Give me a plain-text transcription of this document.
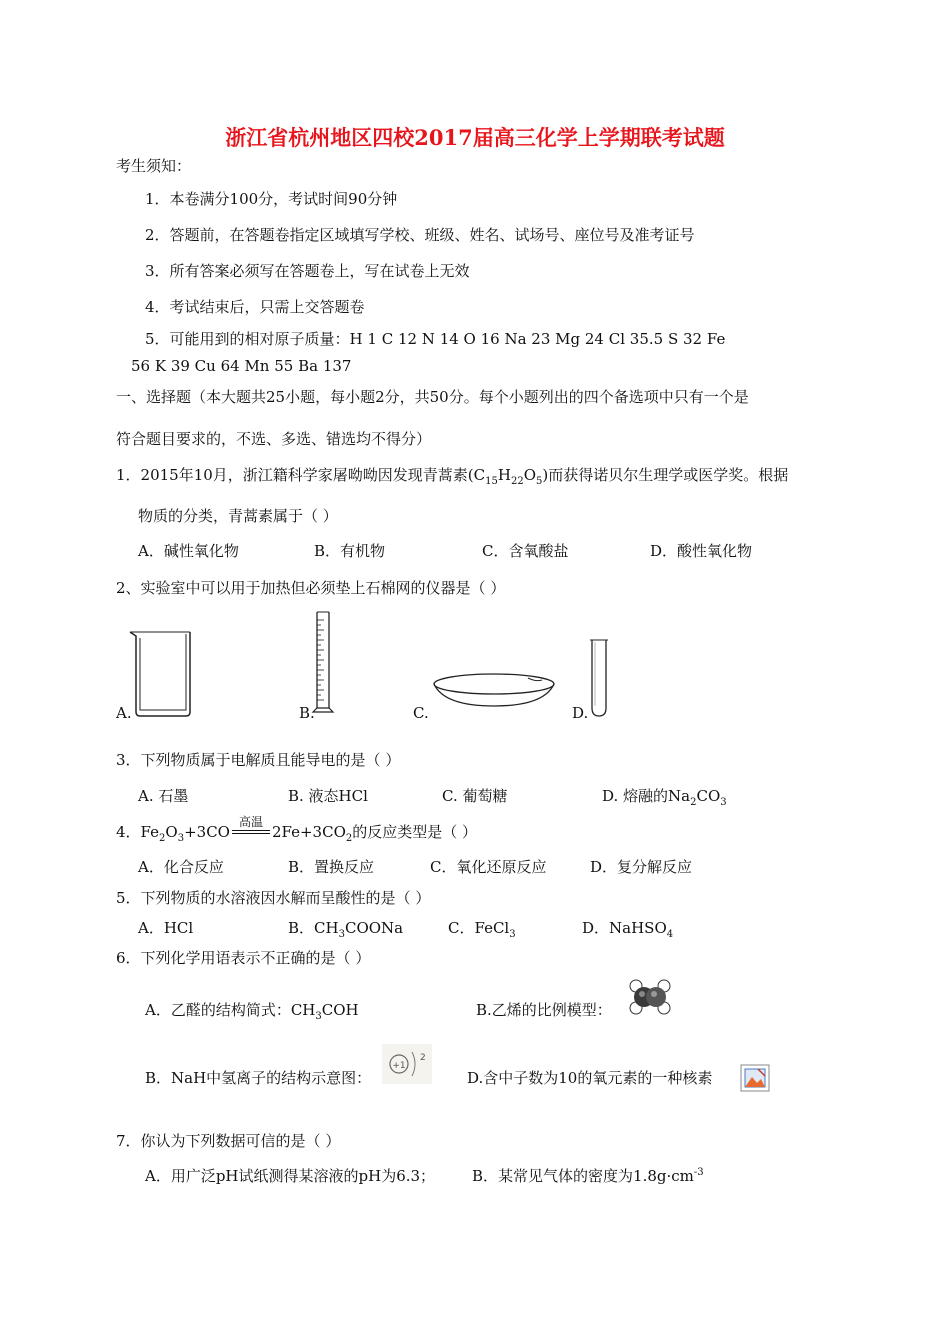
浙江省杭州地区四校2017届高三化学上学期联考试题
考生须知：
1．本卷满分100分，考试时间90分钟
2．答题前，在答题卷指定区域填写学校、班级、姓名、试场号、座位号及准考证号
3．所有答案必须写在答题卷上，写在试卷上无效
4．考试结束后，只需上交答题卷
5．可能用到的相对原子质量：H 1 C 12 N 14 O 16 Na 23 Mg 24 Cl 35.5 S 32 Fe
56 K 39 Cu 64 Mn 55 Ba 137
一、选择题（本大题共25小题，每小题2分，共50分。每个小题列出的四个备选项中只有一个是
符合题目要求的，不选、多选、错选均不得分）
1．2015年10月，浙江籍科学家屠呦呦因发现青蒿素$(C_{15}H_{22}O_5)$而获得诺贝尔生理学或医学奖。根据
物质的分类，青蒿素属于（ ）
A．碱性氧化物	B．有机物	C．含氧酸盐	D．酸性氧化物
2、实验室中可以用于加热但必须垫上石棉网的仪器是（ ）
A.	B.	C.	D.
3．下列物质属于电解质且能导电的是（ ）
A. 石墨	B. 液态HCl	C. 葡萄糖	D. 熔融的$Na_2CO_3$
4．$Fe_2O_3+3CO$
高温
$2Fe+3CO_2$的反应类型是（ ）
A．化合反应	B．置换反应	C．氧化还原反应	D．复分解反应
5．下列物质的水溶液因水解而呈酸性的是（ ）
A．HCl	B．$CH_3COONa$	C．FeCl$_3$	D．NaHSO$_4$
6．下列化学用语表示不正确的是（ ）
A．乙醛的结构简式：$CH_3COH$	B.乙烯的比例模型：
B．NaH中氢离子的结构示意图：
+1
2
D.含中子数为10的氧元素的一种核素
7．你认为下列数据可信的是（ ）
A．用广泛pH试纸测得某溶液的pH为6.3； B．某常见气体的密度为$1.8g\cdot cm^{-3}$
